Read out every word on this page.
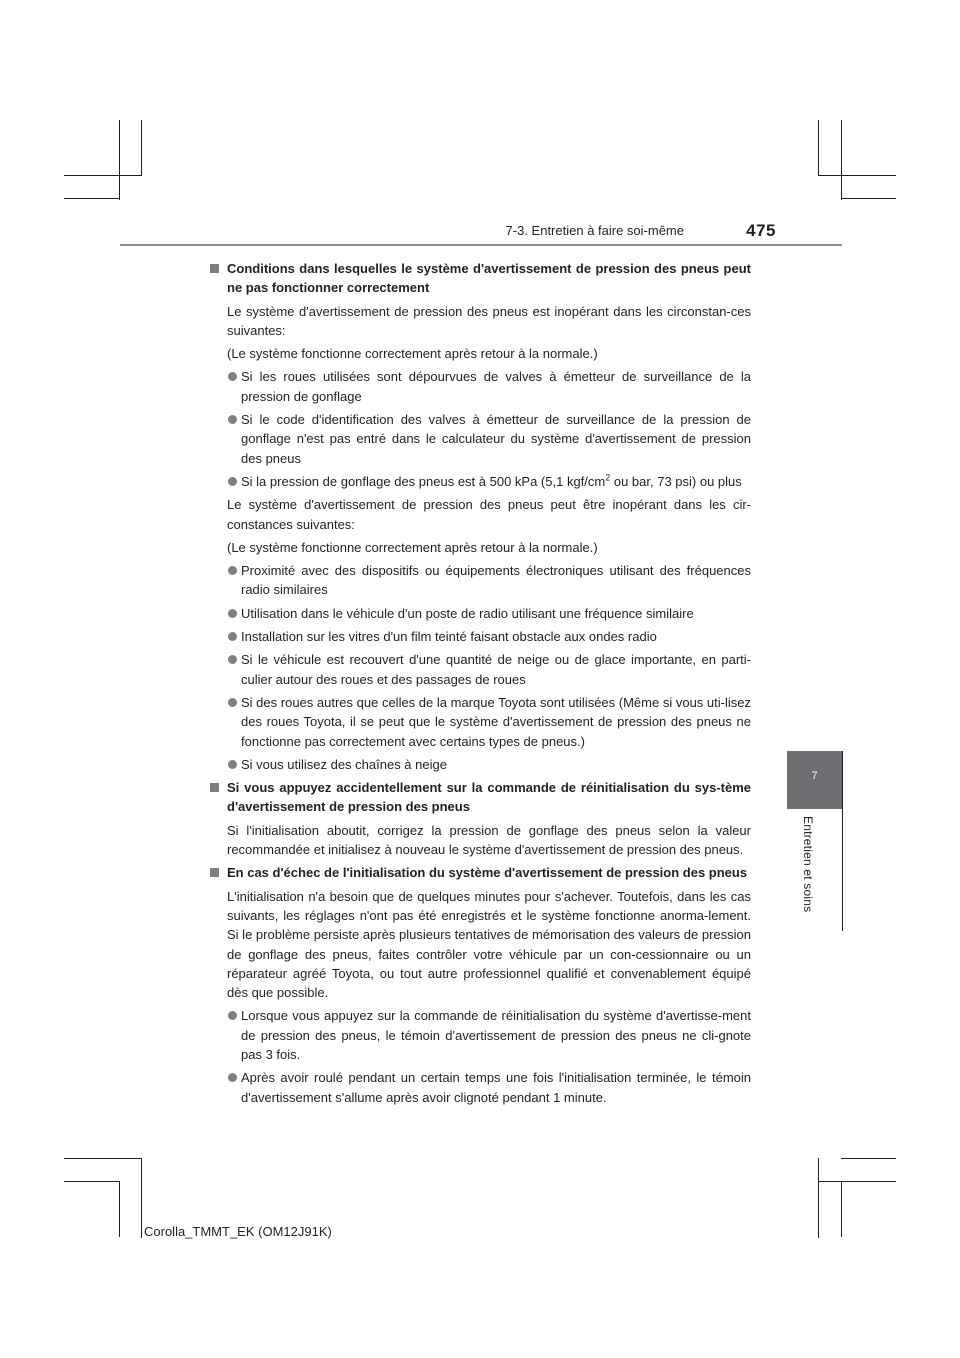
7-3. Entretien à faire soi-même	475
7
Entretien et soins
Conditions dans lesquelles le système d'avertissement de pression des pneus peut ne pas fonctionner correctement
Le système d'avertissement de pression des pneus est inopérant dans les circonstan-ces suivantes:
(Le système fonctionne correctement après retour à la normale.)
Si les roues utilisées sont dépourvues de valves à émetteur de surveillance de la pression de gonflage
Si le code d'identification des valves à émetteur de surveillance de la pression de gonflage n'est pas entré dans le calculateur du système d'avertissement de pression des pneus
Si la pression de gonflage des pneus est à 500 kPa (5,1 kgf/$cm^2$ ou bar, 73 psi) ou plus
Le système d'avertissement de pression des pneus peut être inopérant dans les cir-constances suivantes:
(Le système fonctionne correctement après retour à la normale.)
Proximité avec des dispositifs ou équipements électroniques utilisant des fréquences radio similaires
Utilisation dans le véhicule d'un poste de radio utilisant une fréquence similaire
Installation sur les vitres d'un film teinté faisant obstacle aux ondes radio
Si le véhicule est recouvert d'une quantité de neige ou de glace importante, en parti-culier autour des roues et des passages de roues
Si des roues autres que celles de la marque Toyota sont utilisées (Même si vous uti-lisez des roues Toyota, il se peut que le système d'avertissement de pression des pneus ne fonctionne pas correctement avec certains types de pneus.)
Si vous utilisez des chaînes à neige
Si vous appuyez accidentellement sur la commande de réinitialisation du sys-tème d'avertissement de pression des pneus
Si l'initialisation aboutit, corrigez la pression de gonflage des pneus selon la valeur recommandée et initialisez à nouveau le système d'avertissement de pression des pneus.
En cas d'échec de l'initialisation du système d'avertissement de pression des pneus
L'initialisation n'a besoin que de quelques minutes pour s'achever. Toutefois, dans les cas suivants, les réglages n'ont pas été enregistrés et le système fonctionne anorma-lement. Si le problème persiste après plusieurs tentatives de mémorisation des valeurs de pression de gonflage des pneus, faites contrôler votre véhicule par un con-cessionnaire ou un réparateur agréé Toyota, ou tout autre professionnel qualifié et convenablement équipé dès que possible.
Lorsque vous appuyez sur la commande de réinitialisation du système d'avertisse-ment de pression des pneus, le témoin d'avertissement de pression des pneus ne cli-gnote pas 3 fois.
Après avoir roulé pendant un certain temps une fois l'initialisation terminée, le témoin d'avertissement s'allume après avoir clignoté pendant 1 minute.
Corolla_TMMT_EK (OM12J91K)
